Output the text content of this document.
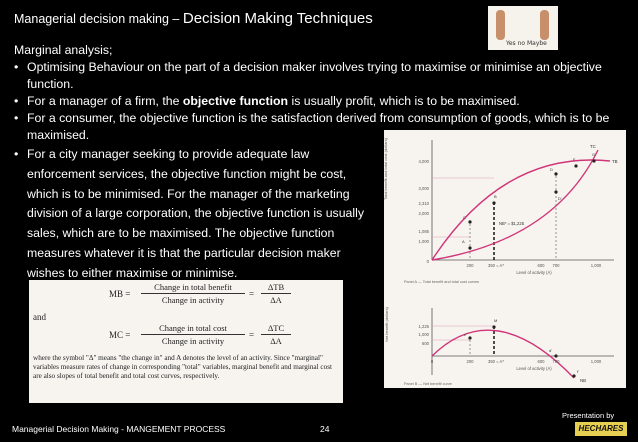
Managerial decision making – Decision Making Techniques
Yes no Maybe

Marginal analysis;

• Optimising Behaviour on the part of a decision maker involves trying to maximise or minimise an objective function.

• For a manager of a firm, the objective function is usually profit, which is to be maximised.

• For a consumer, the objective function is the satisfaction derived from consumption of goods, which is to be maximised.

• For a city manager seeking to provide adequate law
enforcement services, the objective function might be cost,
which is to be minimised. For the manager of the marketing
division of a large corporation, the objective function is usually
sales, which are to be maximised. The objective function
measures whatever it is that the particular decision maker
wishes to either maximise or minimise.
MB =
Change in total benefit
Change in activity
=
ΔTB
ΔA
and
MC =
Change in total cost
Change in activity
=
ΔTC
ΔA
where the symbol "Δ" means "the change in" and A denotes the level of an activity. Since "marginal" variables measure rates of change in corresponding "total" variables, marginal benefit and marginal cost are also slopes of total benefit and total cost curves, respectively.
Total benefit and total cost (dollars)	4,000
3,000
2,310
2,000
1,085
1,000
0
200	350 = A*	600 700	1,000
Level of activity (A)
Panel A — Total benefit and total cost curves
NB* = $1,225
TB
TC
A
B
C
D
D'
F
G
Net benefit (dollars)	1,225
1,000
600
0	200	350 = A*	600 700	1,000
Level of activity (A)
Panel B — Net benefit curve
NB
M
c'
d'
f'
Managerial Decision Making - MANGEMENT PROCESS	24
Presentation by
HECHARES
